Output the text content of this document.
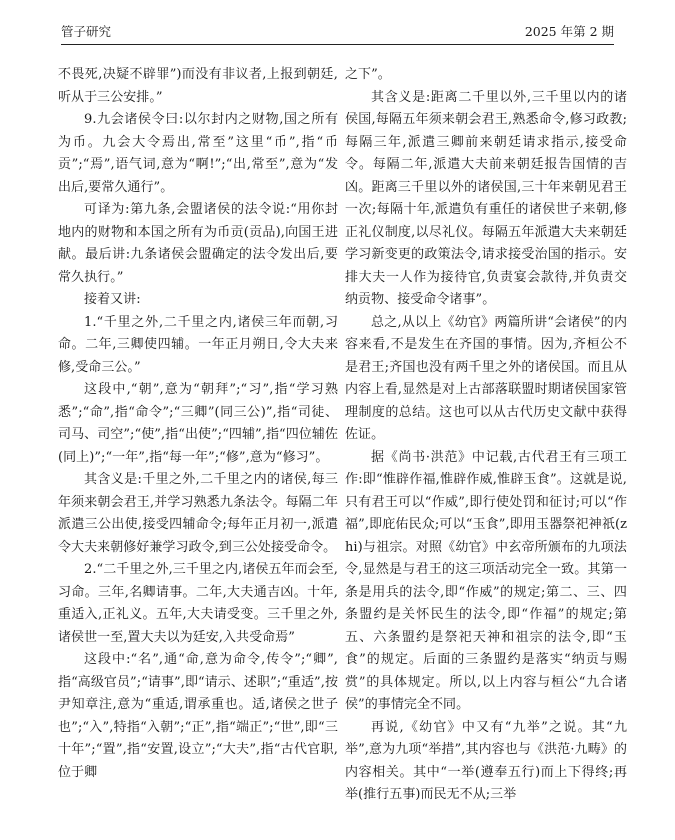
管子研究	2025 年第 2 期

不畏死,决疑不辟罪”)而没有非议者,上报到朝廷,听从于三公安排。”

9.九会诸侯令曰:以尔封内之财物,国之所有为币。九会大令焉出,常至”这里“币”,指“币贡”;“焉”,语气词,意为“啊!”;“出,常至”,意为“发出后,要常久通行”。

可译为:第九条,会盟诸侯的法令说:“用你封地内的财物和本国之所有为币贡(贡品),向国王进献。最后讲:九条诸侯会盟确定的法令发出后,要常久执行。”

接着又讲:

1.“千里之外,二千里之内,诸侯三年而朝,习命。二年,三卿使四辅。一年正月朔日,令大夫来修,受命三公。”

这段中,“朝”,意为“朝拜”;“习”,指“学习熟悉”;“命”,指“命令”;“三卿”(同三公)”,指“司徒、司马、司空”;“使”,指“出使”;“四辅”,指“四位辅佐(同上)”;“一年”,指“每一年”;“修”,意为“修习”。

其含义是:千里之外,二千里之内的诸侯,每三年须来朝会君王,并学习熟悉九条法令。每隔二年派遣三公出使,接受四辅命令;每年正月初一,派遣令大夫来朝修好兼学习政令,到三公处接受命令。

2.“二千里之外,三千里之内,诸侯五年而会至,习命。三年,名卿请事。二年,大夫通吉凶。十年,重适入,正礼义。五年,大夫请受变。三千里之外,诸侯世一至,置大夫以为廷安,入共受命焉”

这段中:“名”,通“命,意为命令,传令”;“卿”,指“高级官员”;“请事”,即“请示、述职”;“重适”,按尹知章注,意为“重适,谓承重也。适,诸侯之世子也”;“入”,特指“入朝”;“正”,指“端正”;“世”,即“三十年”;“置”,指“安置,设立”;“大夫”,指“古代官职,位于卿

之下”。

其含义是:距离二千里以外,三千里以内的诸侯国,每隔五年须来朝会君王,熟悉命令,修习政教;每隔三年,派遣三卿前来朝廷请求指示,接受命令。每隔二年,派遣大夫前来朝廷报告国情的吉凶。距离三千里以外的诸侯国,三十年来朝见君王一次;每隔十年,派遣负有重任的诸侯世子来朝,修正礼仪制度,以尽礼仪。每隔五年派遣大夫来朝廷学习新变更的政策法令,请求接受治国的指示。安排大夫一人作为接待官,负责宴会款待,并负责交纳贡物、接受命令诸事”。

总之,从以上《幼官》两篇所讲“会诸侯”的内容来看,不是发生在齐国的事情。因为,齐桓公不是君王;齐国也没有两千里之外的诸侯国。而且从内容上看,显然是对上古部落联盟时期诸侯国家管理制度的总结。这也可以从古代历史文献中获得佐证。

据《尚书·洪范》中记载,古代君王有三项工作:即“惟辟作福,惟辟作威,惟辟玉食”。这就是说,只有君王可以“作威”,即行使处罚和征讨;可以“作福”,即庇佑民众;可以“玉食”,即用玉器祭祀神祇(zhi)与祖宗。对照《幼官》中玄帝所颁布的九项法令,显然是与君王的这三项活动完全一致。其第一条是用兵的法令,即“作威”的规定;第二、三、四条盟约是关怀民生的法令,即“作福”的规定;第五、六条盟约是祭祀天神和祖宗的法令,即“玉食”的规定。后面的三条盟约是落实“纳贡与赐赏”的具体规定。所以,以上内容与桓公“九合诸侯”的事情完全不同。

再说,《幼官》中又有“九举”之说。其“九举”,意为九项“举措”,其内容也与《洪范·九畴》的内容相关。其中“一举(遵奉五行)而上下得终;再举(推行五事)而民无不从;三举
